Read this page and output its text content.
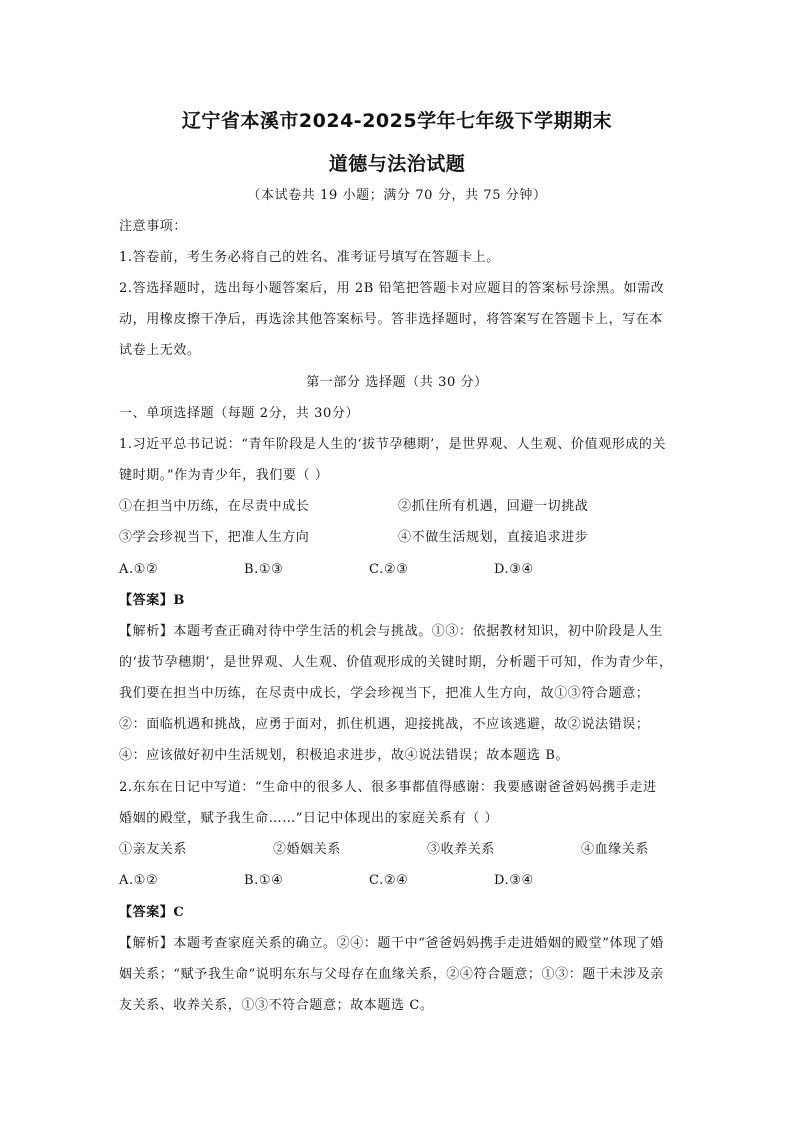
辽宁省本溪市2024-2025学年七年级下学期期末
道德与法治试题
（本试卷共 19 小题；满分 70 分，共 75 分钟）
注意事项：
1.答卷前，考生务必将自己的姓名、准考证号填写在答题卡上。
2.答选择题时，选出每小题答案后，用 2B 铅笔把答题卡对应题目的答案标号涂黑。如需改
动，用橡皮擦干净后，再选涂其他答案标号。答非选择题时，将答案写在答题卡上，写在本
试卷上无效。
第一部分 选择题（共 30 分）
一、单项选择题（每题 2分，共 30分）
1.习近平总书记说：“青年阶段是人生的‘拔节孕穗期’，是世界观、人生观、价值观形成的关
键时期。”作为青少年，我们要（ ）
①在担当中历练，在尽责中成长	②抓住所有机遇，回避一切挑战
③学会珍视当下，把准人生方向	④不做生活规划，直接追求进步
A.①②	B.①③	C.②③	D.③④
【答案】B
【解析】本题考查正确对待中学生活的机会与挑战。①③：依据教材知识，初中阶段是人生
的‘拔节孕穗期’，是世界观、人生观、价值观形成的关键时期，分析题干可知，作为青少年，
我们要在担当中历练，在尽责中成长，学会珍视当下，把准人生方向，故①③符合题意；
②：面临机遇和挑战，应勇于面对，抓住机遇，迎接挑战，不应该逃避，故②说法错误；
④：应该做好初中生活规划，积极追求进步，故④说法错误；故本题选 B。
2.东东在日记中写道：“生命中的很多人、很多事都值得感谢：我要感谢爸爸妈妈携手走进
婚姻的殿堂，赋予我生命……”日记中体现出的家庭关系有（ ）
①亲友关系	②婚姻关系	③收养关系	④血缘关系
A.①②	B.①④	C.②④	D.③④
【答案】C
【解析】本题考查家庭关系的确立。②④：题干中“爸爸妈妈携手走进婚姻的殿堂”体现了婚
姻关系；“赋予我生命”说明东东与父母存在血缘关系，②④符合题意；①③：题干未涉及亲
友关系、收养关系，①③不符合题意；故本题选 C。
